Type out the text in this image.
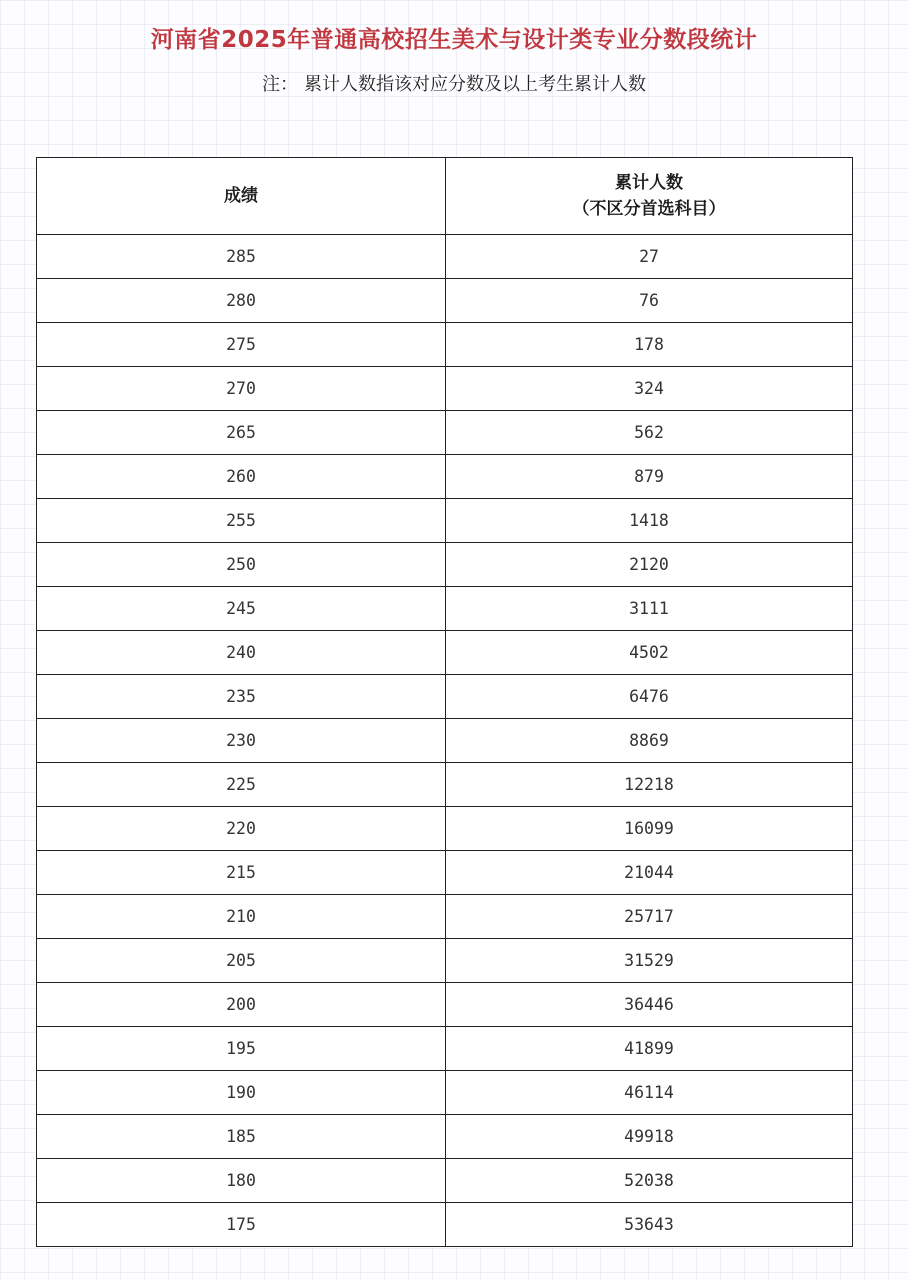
河南省2025年普通高校招生美术与设计类专业分数段统计
注： 累计人数指该对应分数及以上考生累计人数
成绩	累计人数
（不区分首选科目）

285	27
280	76
275	178
270	324
265	562
260	879
255	1418
250	2120
245	3111
240	4502
235	6476
230	8869
225	12218
220	16099
215	21044
210	25717
205	31529
200	36446
195	41899
190	46114
185	49918
180	52038
175	53643
